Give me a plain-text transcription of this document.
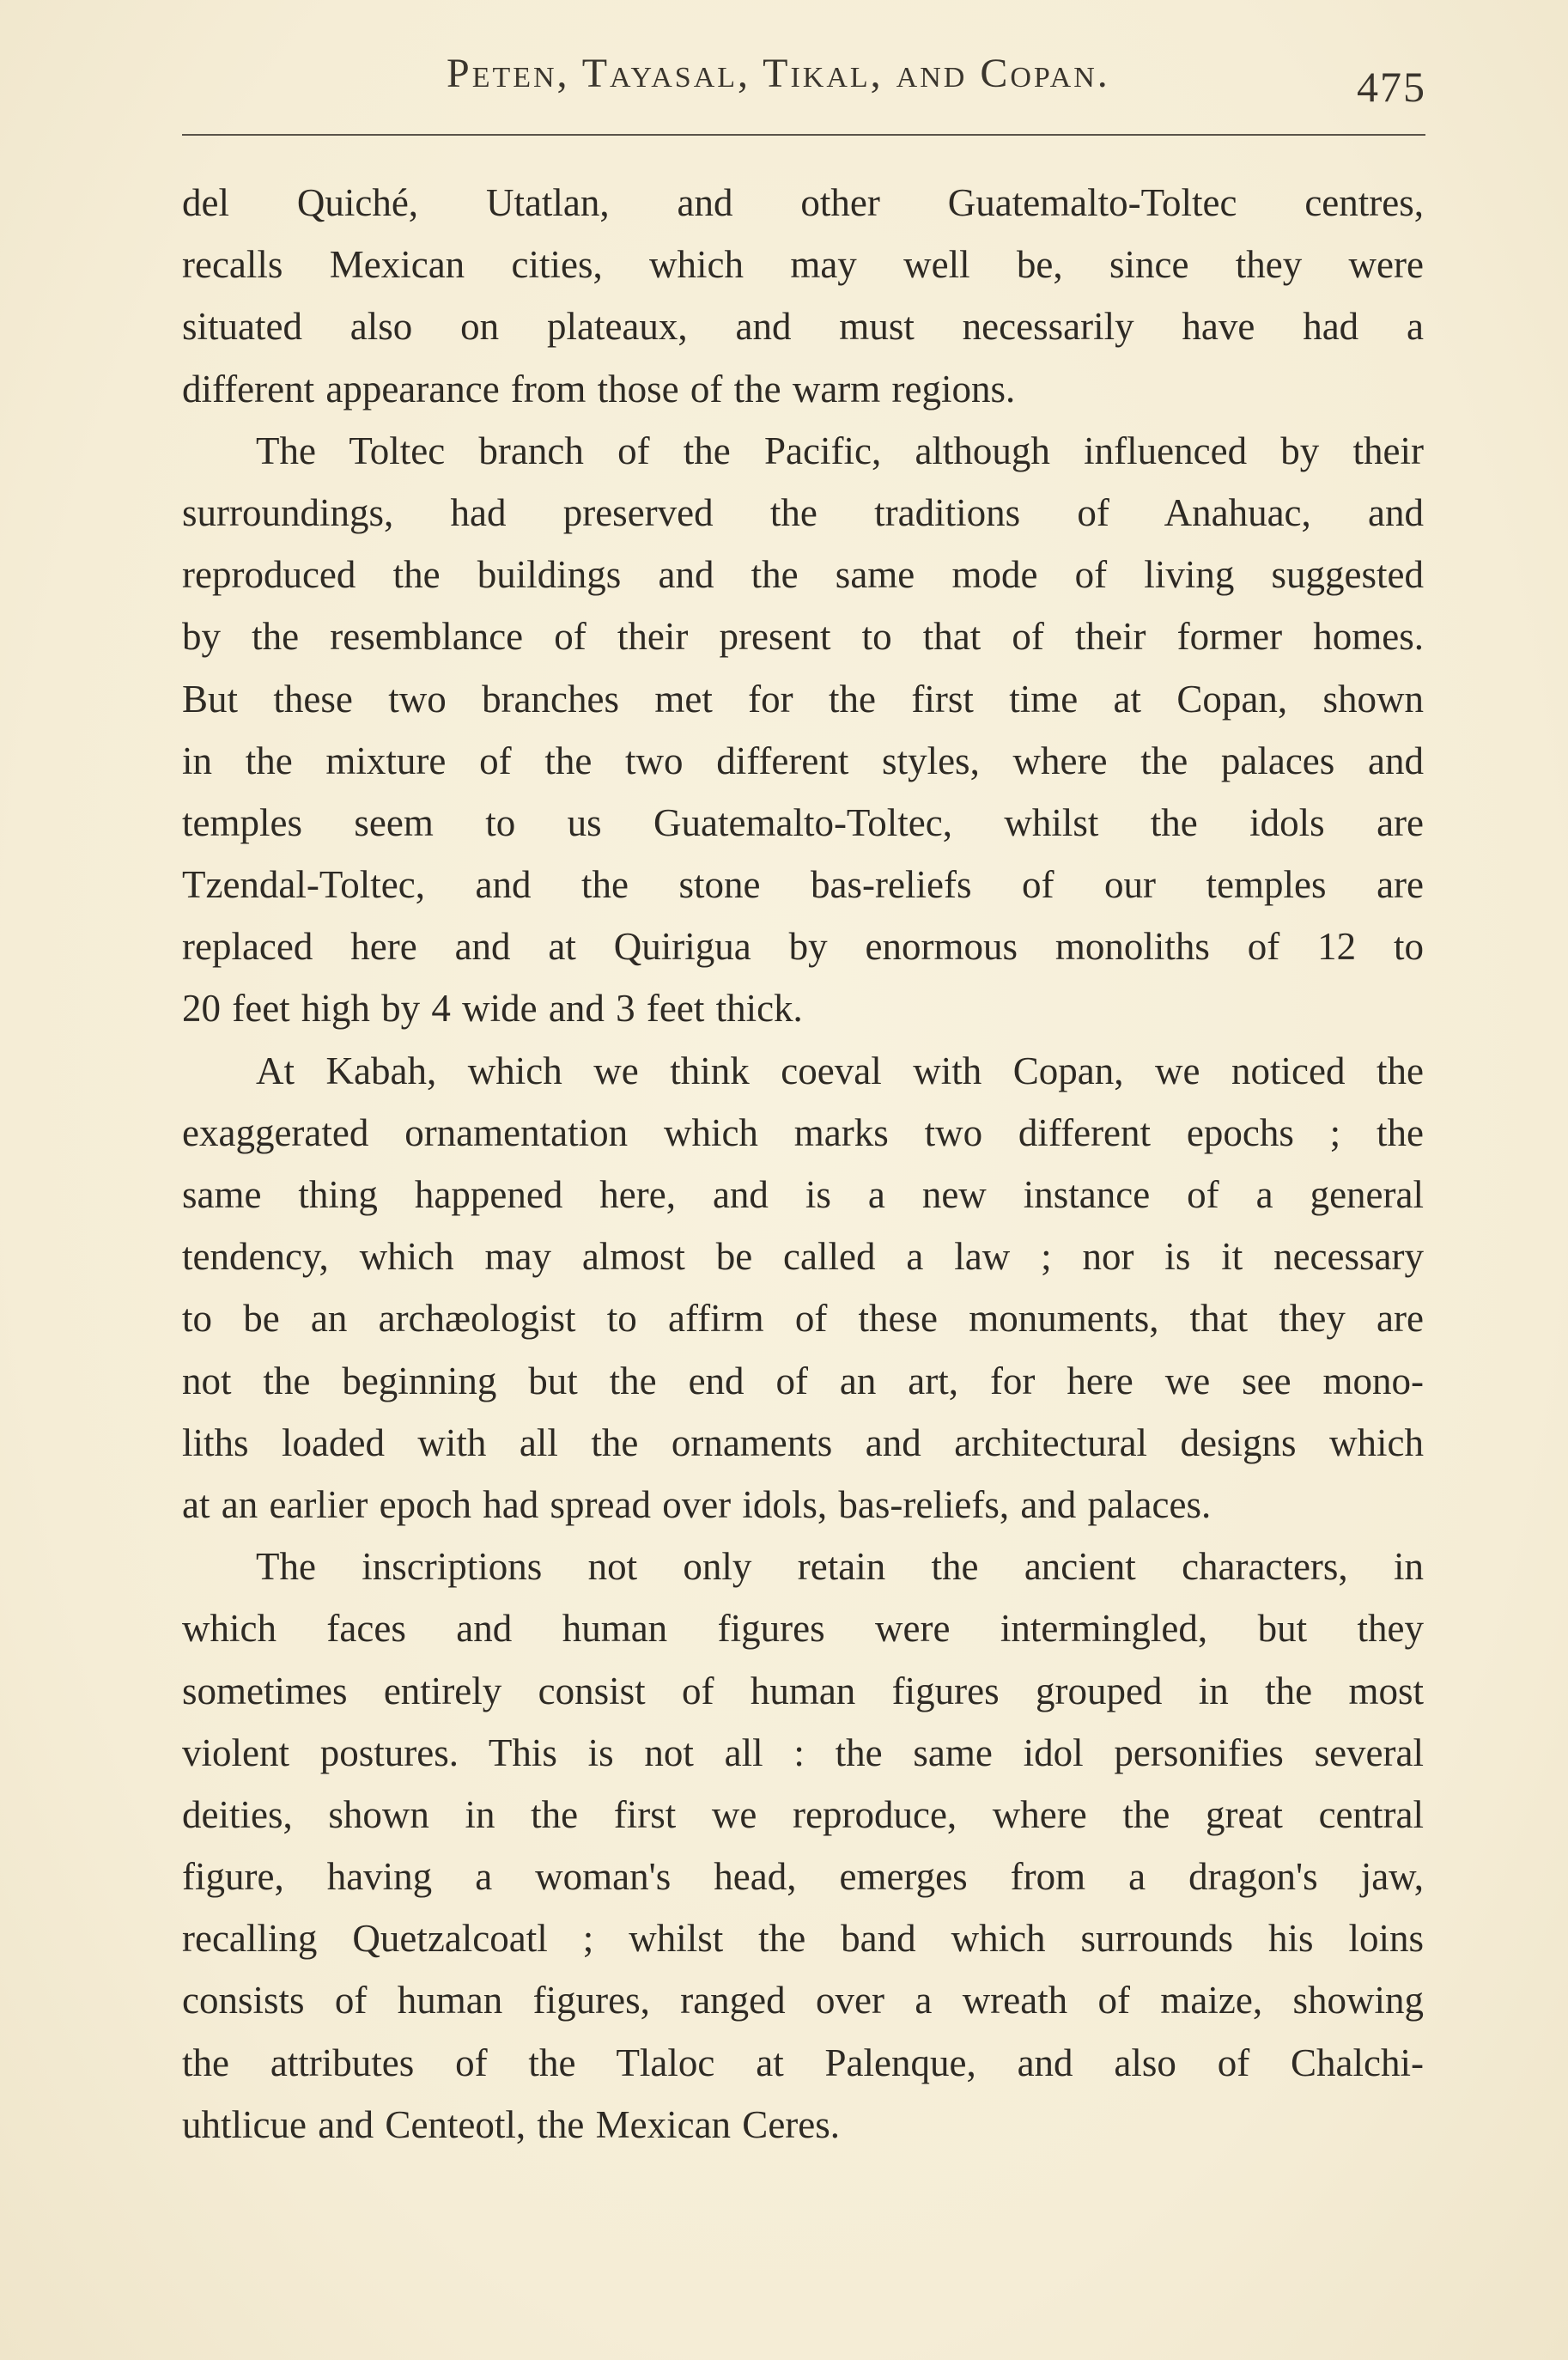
Peten, Tayasal, Tikal, and Copan.	475
del Quiché, Utatlan, and other Guatemalto-Toltec centres,
recalls Mexican cities, which may well be, since they were
situated also on plateaux, and must necessarily have had a
different appearance from those of the warm regions.
The Toltec branch of the Pacific, although influenced by their
surroundings, had preserved the traditions of Anahuac, and
reproduced the buildings and the same mode of living suggested
by the resemblance of their present to that of their former homes.
But these two branches met for the first time at Copan, shown
in the mixture of the two different styles, where the palaces and
temples seem to us Guatemalto-Toltec, whilst the idols are
Tzendal-Toltec, and the stone bas-reliefs of our temples are
replaced here and at Quirigua by enormous monoliths of 12 to
20 feet high by 4 wide and 3 feet thick.
At Kabah, which we think coeval with Copan, we noticed the
exaggerated ornamentation which marks two different epochs ; the
same thing happened here, and is a new instance of a general
tendency, which may almost be called a law ; nor is it necessary
to be an archæologist to affirm of these monuments, that they are
not the beginning but the end of an art, for here we see mono-
liths loaded with all the ornaments and architectural designs which
at an earlier epoch had spread over idols, bas-reliefs, and palaces.
The inscriptions not only retain the ancient characters, in
which faces and human figures were intermingled, but they
sometimes entirely consist of human figures grouped in the most
violent postures. This is not all : the same idol personifies several
deities, shown in the first we reproduce, where the great central
figure, having a woman's head, emerges from a dragon's jaw,
recalling Quetzalcoatl ; whilst the band which surrounds his loins
consists of human figures, ranged over a wreath of maize, showing
the attributes of the Tlaloc at Palenque, and also of Chalchi-
uhtlicue and Centeotl, the Mexican Ceres.
